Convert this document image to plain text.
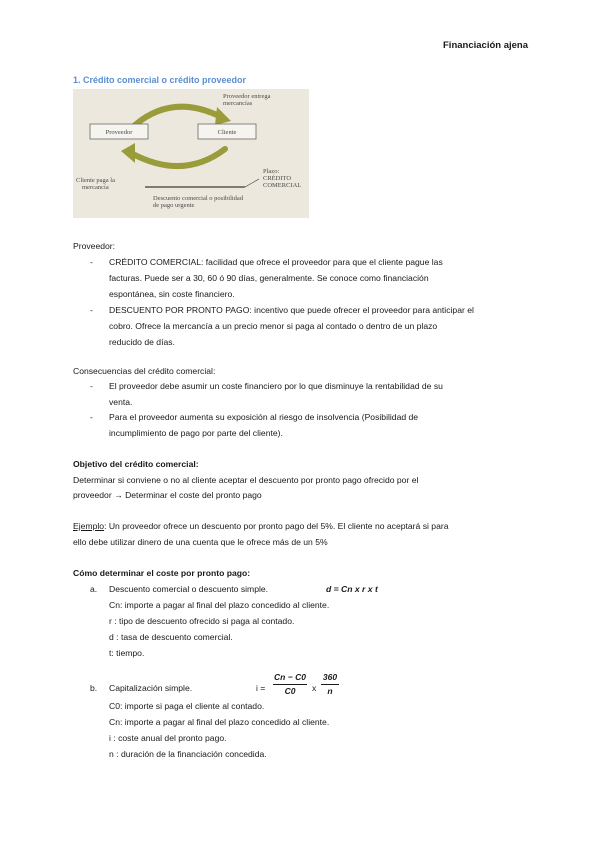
Financiación ajena
1. Crédito comercial o crédito proveedor
Proveedor	Cliente
Proveedor entrega
mercancías
Cliente paga la
mercancía
Plazo:
CRÉDITO
COMERCIAL
Descuento comercial o posibilidad
de pago urgente
Proveedor:
- CRÉDITO COMERCIAL: facilidad que ofrece el proveedor para que el cliente pague las
facturas. Puede ser a 30, 60 ó 90 días, generalmente. Se conoce como financiación
espontánea, sin coste financiero.
- DESCUENTO POR PRONTO PAGO: incentivo que puede ofrecer el proveedor para anticipar el
cobro. Ofrece la mercancía a un precio menor si paga al contado o dentro de un plazo
reducido de días.
Consecuencias del crédito comercial:
- El proveedor debe asumir un coste financiero por lo que disminuye la rentabilidad de su
venta.
- Para el proveedor aumenta su exposición al riesgo de insolvencia (Posibilidad de
incumplimiento de pago por parte del cliente).
Objetivo del crédito comercial:
Determinar si conviene o no al cliente aceptar el descuento por pronto pago ofrecido por el
proveedor → Determinar el coste del pronto pago
Ejemplo: Un proveedor ofrece un descuento por pronto pago del 5%. El cliente no aceptará si para
ello debe utilizar dinero de una cuenta que le ofrece más de un 5%
Cómo determinar el coste por pronto pago:
a. Descuento comercial o descuento simple.	d = Cn x r x t
Cn: importe a pagar al final del plazo concedido al cliente.
r : tipo de descuento ofrecido si paga al contado.
d : tasa de descuento comercial.
t: tiempo.
b. Capitalización simple.	i =
Cn − C0
C0	x
360
n
C0: importe si paga el cliente al contado.
Cn: importe a pagar al final del plazo concedido al cliente.
i : coste anual del pronto pago.
n : duración de la financiación concedida.
